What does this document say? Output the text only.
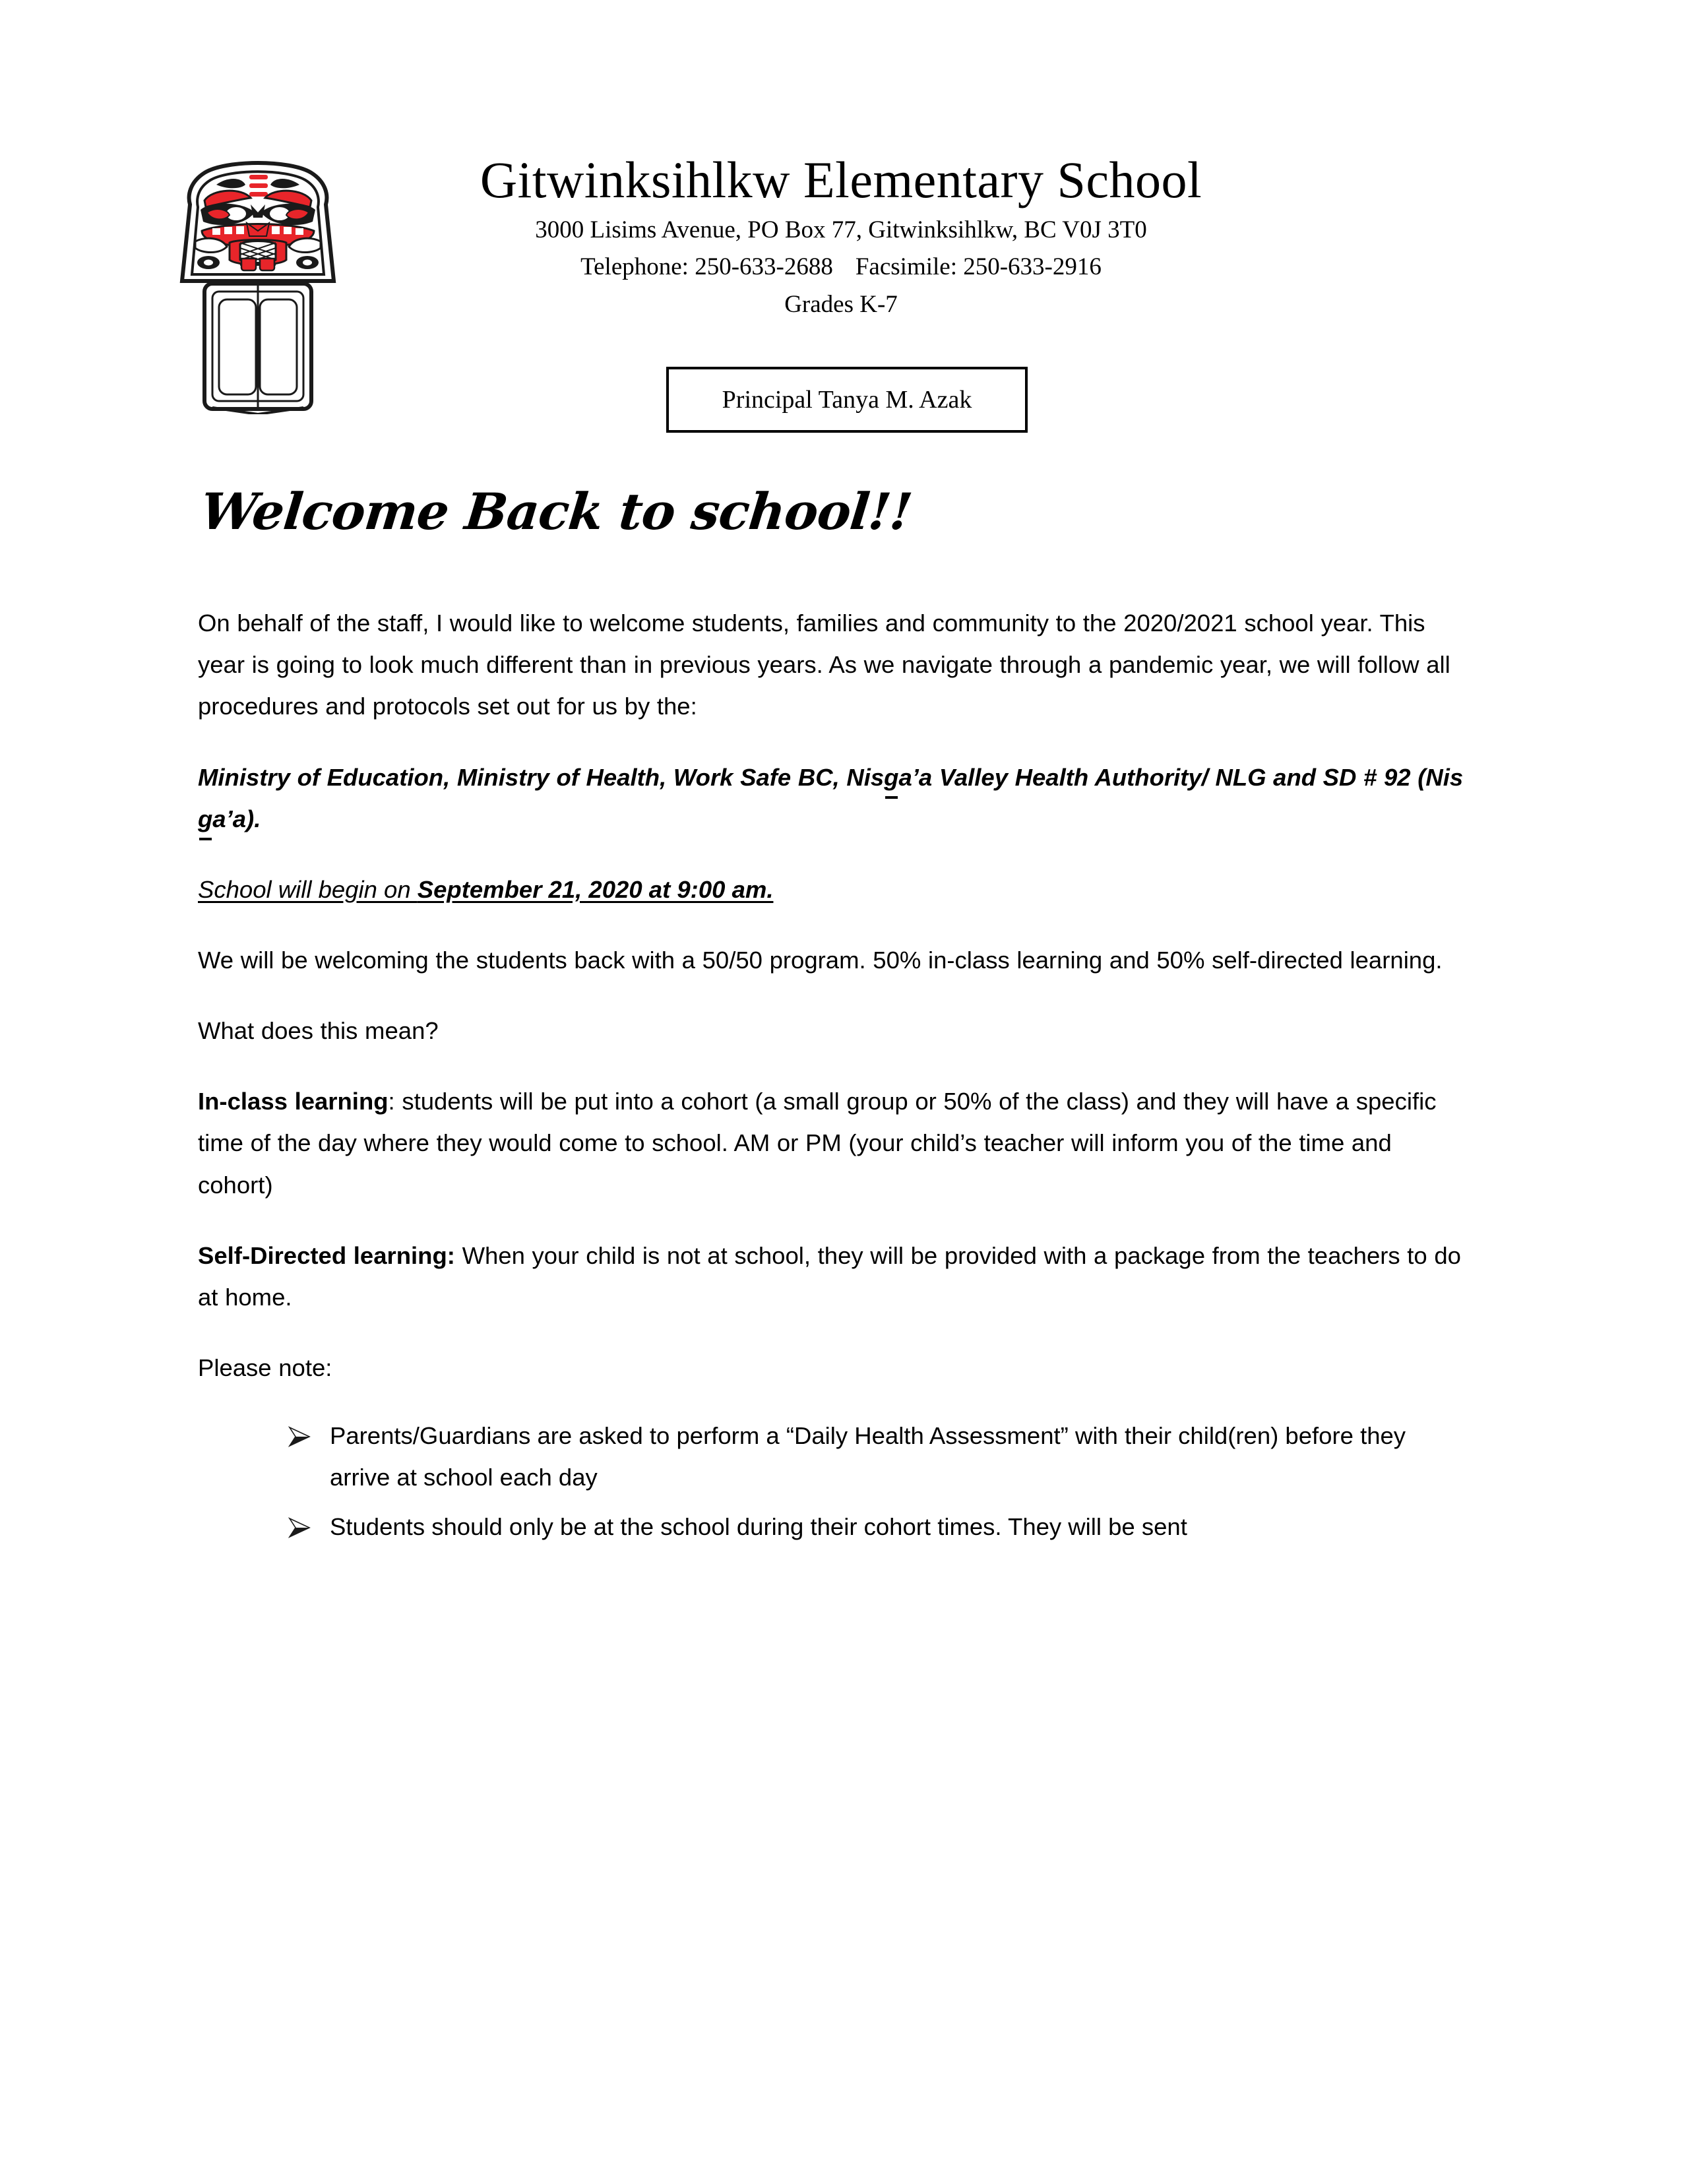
Gitwinksihlkw Elementary School
3000 Lisims Avenue, PO Box 77, Gitwinksihlkw, BC V0J 3T0
Telephone: 250-633-2688 Facsimile: 250-633-2916
Grades K-7
Principal Tanya M. Azak
Welcome Back to school!!

On behalf of the staff, I would like to welcome students, families and community to the 2020/2021 school year. This year is going to look much different than in previous years. As we navigate through a pandemic year, we will follow all procedures and protocols set out for us by the:

Ministry of Education, Ministry of Health, Work Safe BC, Nisga’a Valley Health Authority/ NLG and SD # 92 (Nisga’a).

School will begin on September 21, 2020 at 9:00 am.

We will be welcoming the students back with a 50/50 program. 50% in-class learning and 50% self-directed learning.

What does this mean?

In-class learning: students will be put into a cohort (a small group or 50% of the class) and they will have a specific time of the day where they would come to school. AM or PM (your child’s teacher will inform you of the time and cohort)

Self-Directed learning: When your child is not at school, they will be provided with a package from the teachers to do at home.

Please note:

Parents/Guardians are asked to perform a “Daily Health Assessment” with their child(ren) before they arrive at school each day
Students should only be at the school during their cohort times. They will be sent
